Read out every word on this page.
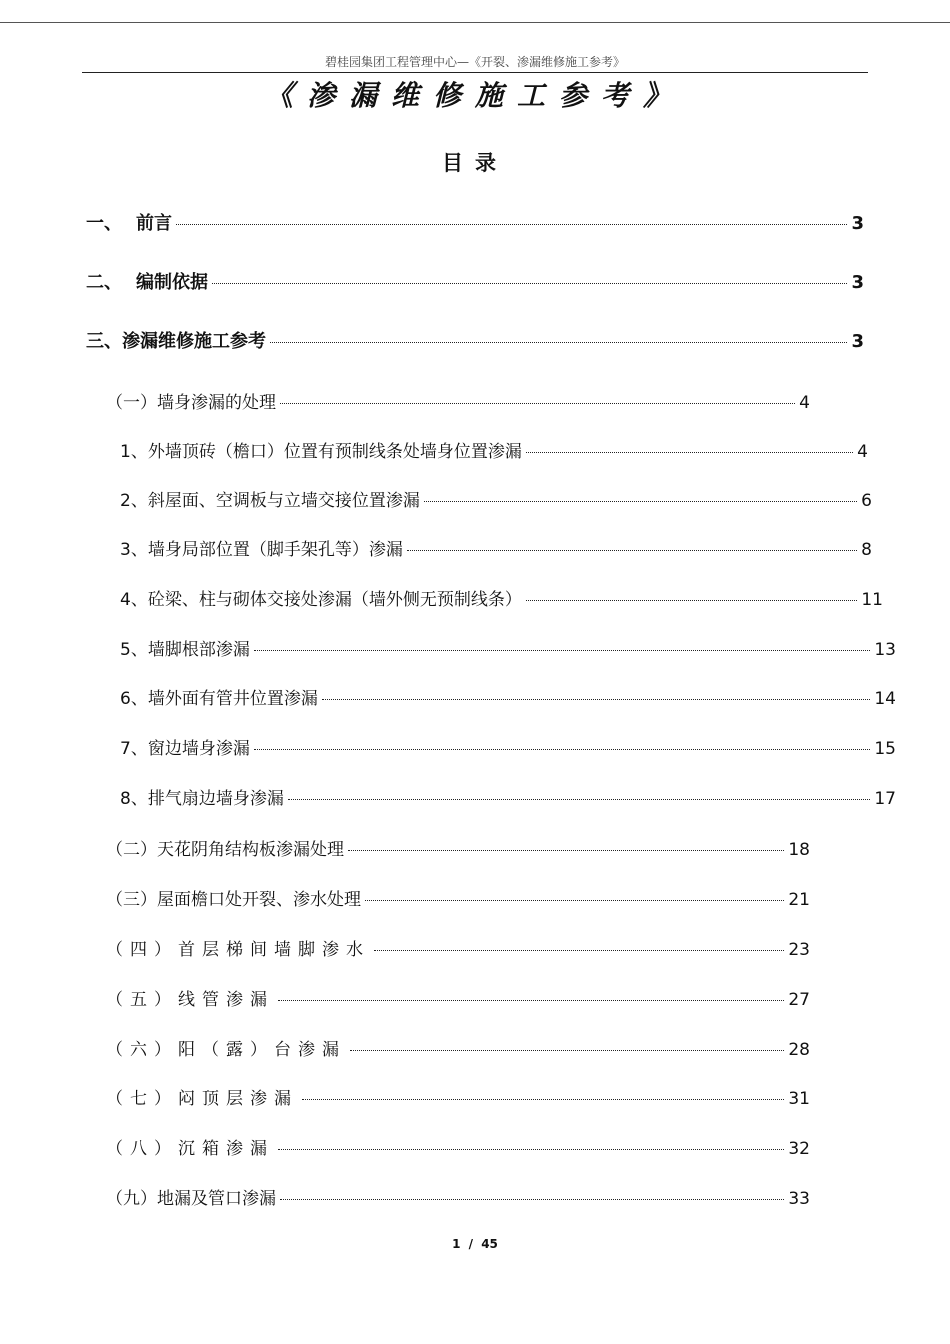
碧桂园集团工程管理中心—《开裂、渗漏维修施工参考》
《渗漏维修施工参考》
目录
一、 前言	3
二、 编制依据	3
三、渗漏维修施工参考	3
（一）墙身渗漏的处理	4
1、外墙顶砖（檐口）位置有预制线条处墙身位置渗漏	4
2、斜屋面、空调板与立墙交接位置渗漏	6
3、墙身局部位置（脚手架孔等）渗漏	8
4、砼梁、柱与砌体交接处渗漏（墙外侧无预制线条）	11
5、墙脚根部渗漏	13
6、墙外面有管井位置渗漏	14
7、窗边墙身渗漏	15
8、排气扇边墙身渗漏	17
（二）天花阴角结构板渗漏处理	18
（三）屋面檐口处开裂、渗水处理	21
（四）首层梯间墙脚渗水	23
（五）线管渗漏	27
（六）阳（露）台渗漏	28
（七）闷顶层渗漏	31
（八）沉箱渗漏	32
（九）地漏及管口渗漏	33
1 / 45
